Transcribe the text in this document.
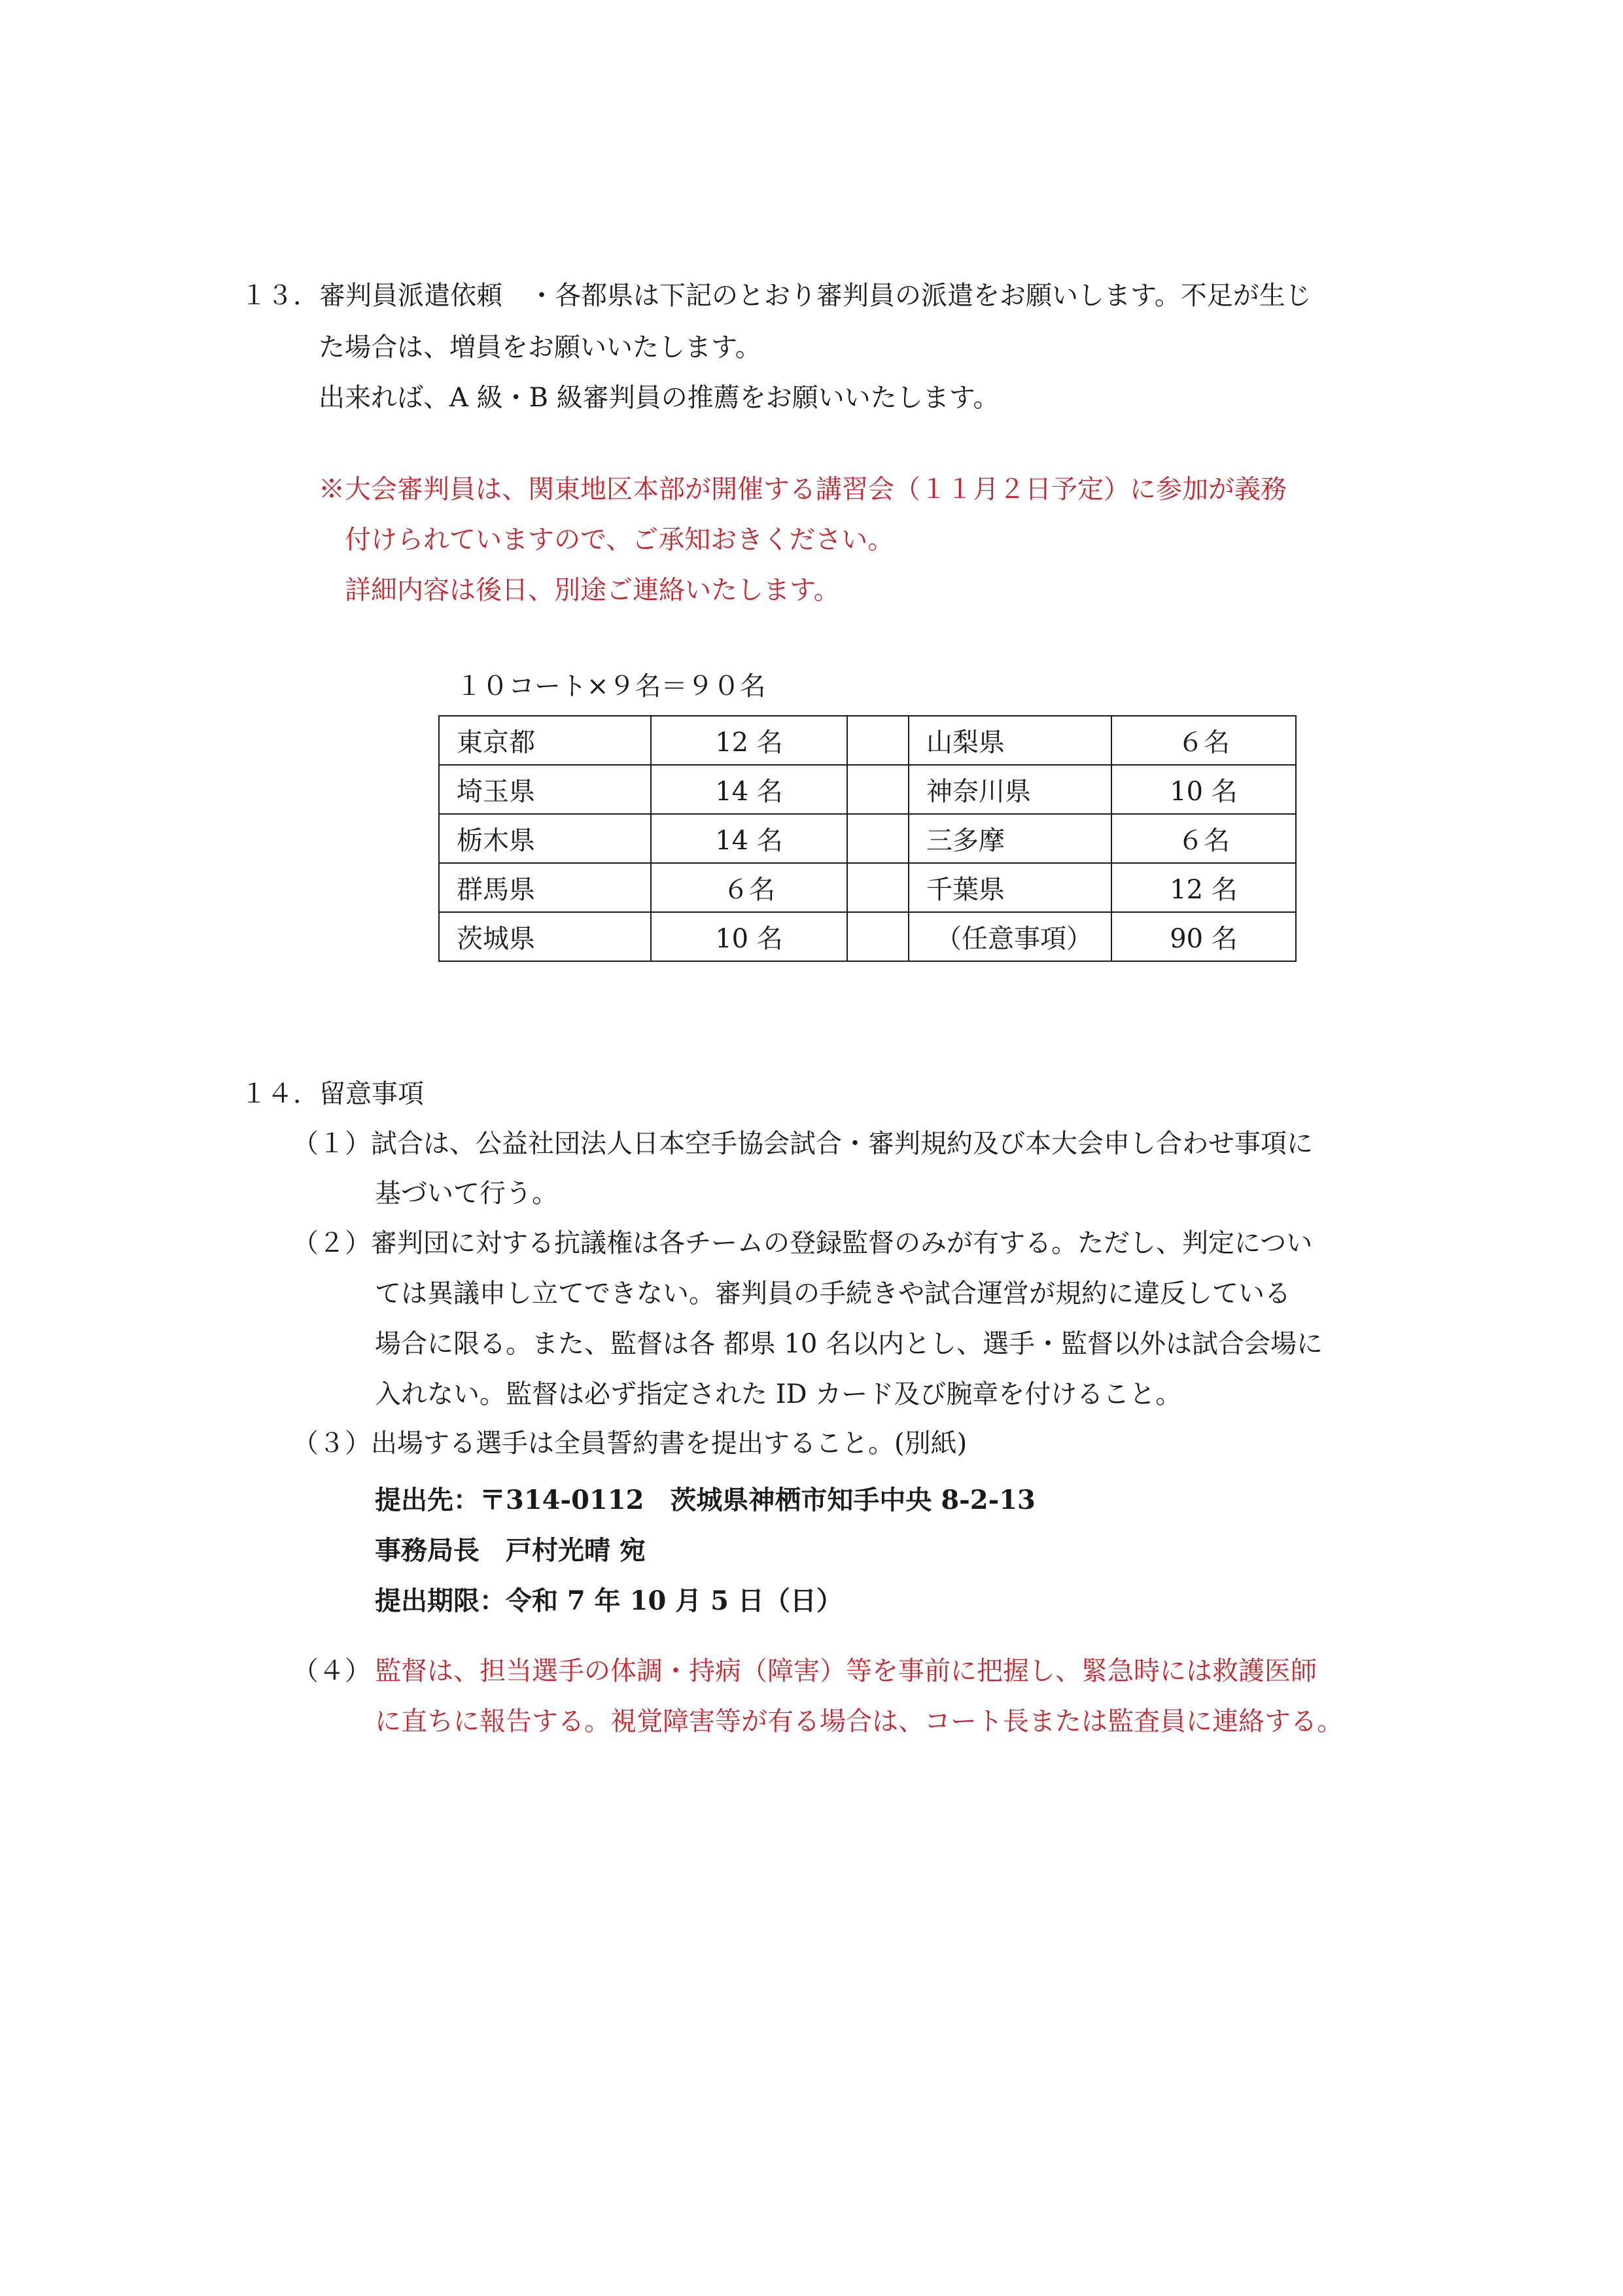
１３．審判員派遣依頼　・各都県は下記のとおり審判員の派遣をお願いします。不足が生じ
た場合は、増員をお願いいたします。
出来れば、A 級・B 級審判員の推薦をお願いいたします。
※大会審判員は、関東地区本部が開催する講習会（１１月２日予定）に参加が義務
付けられていますので、ご承知おきください。
詳細内容は後日、別途ご連絡いたします。
１０コート×９名＝９０名
東京都	12 名		山梨県	６名
埼玉県	14 名		神奈川県	10 名
栃木県	14 名		三多摩	６名
群馬県	６名		千葉県	12 名
茨城県	10 名		（任意事項）	90 名
１４．留意事項
（１）試合は、公益社団法人日本空手協会試合・審判規約及び本大会申し合わせ事項に
基づいて行う。
（２）審判団に対する抗議権は各チームの登録監督のみが有する。ただし、判定につい
ては異議申し立てできない。審判員の手続きや試合運営が規約に違反している
場合に限る。また、監督は各 都県 10 名以内とし、選手・監督以外は試合会場に
入れない。監督は必ず指定された ID カード及び腕章を付けること。
（３）出場する選手は全員誓約書を提出すること。(別紙)
提出先：〒314-0112　茨城県神栖市知手中央 8-2-13
事務局長　戸村光晴 宛
提出期限：令和 7 年 10 月 5 日（日）
（４） 監督は、担当選手の体調・持病（障害）等を事前に把握し、緊急時には救護医師
に直ちに報告する。視覚障害等が有る場合は、コート長または監査員に連絡する。
